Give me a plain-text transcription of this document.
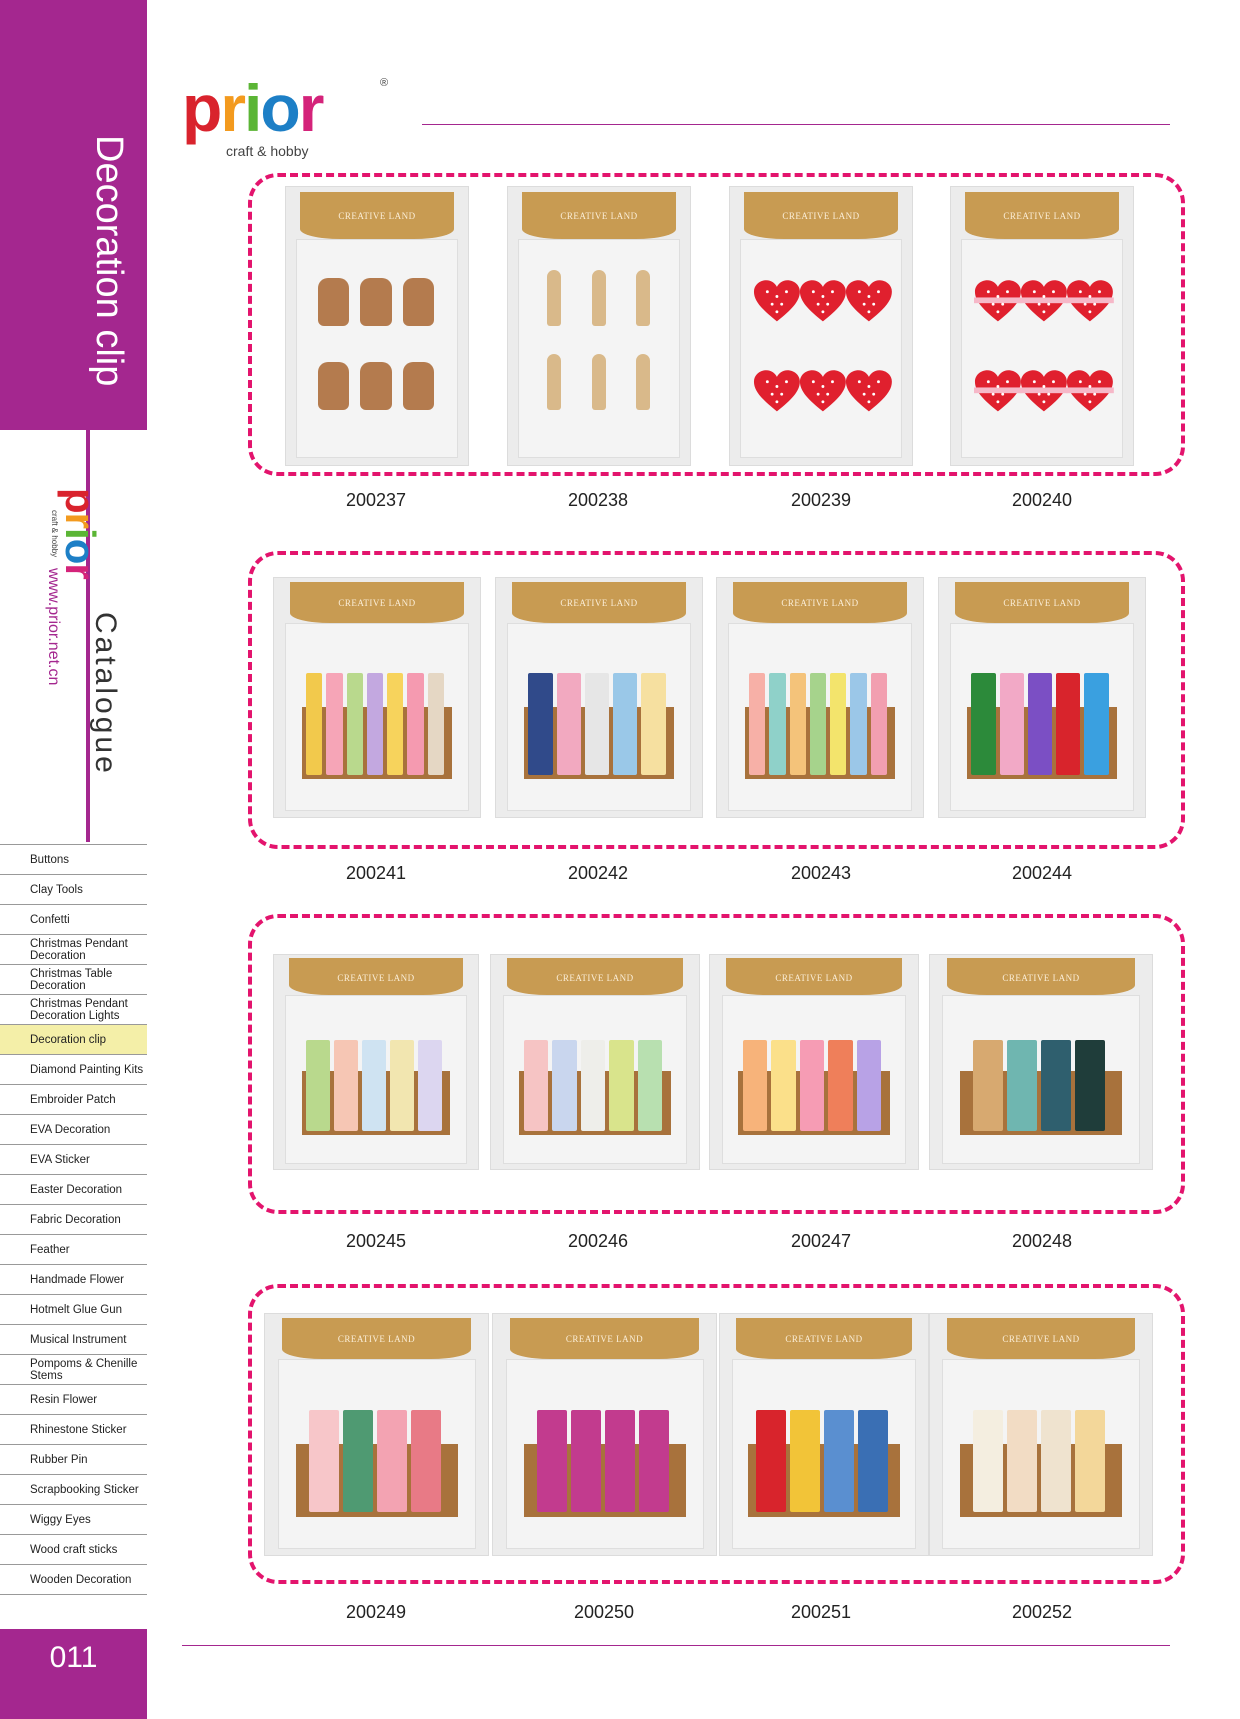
Decoration clip
p
r
i
o
r
craft & hobby
Catalogue
www.prior.net.cn
Buttons
Clay Tools
Confetti
Christmas Pendant Decoration
Christmas Table Decoration
Christmas Pendant Decoration Lights
Decoration clip
Diamond Painting Kits
Embroider Patch
EVA Decoration
EVA Sticker
Easter Decoration
Fabric Decoration
Feather
Handmade Flower
Hotmelt Glue Gun
Musical Instrument
Pompoms & Chenille Stems
Resin Flower
Rhinestone Sticker
Rubber Pin
Scrapbooking Sticker
Wiggy Eyes
Wood craft sticks
Wooden Decoration
011
p r i o r	®
craft & hobby
CREATIVE LAND
200237
CREATIVE LAND
200238
CREATIVE LAND
200239
CREATIVE LAND
200240
CREATIVE LAND
200241
CREATIVE LAND
200242
CREATIVE LAND
200243
CREATIVE LAND
200244
CREATIVE LAND
200245
CREATIVE LAND
200246
CREATIVE LAND
200247
CREATIVE LAND
200248
CREATIVE LAND
200249
CREATIVE LAND
200250
CREATIVE LAND
200251
CREATIVE LAND
200252
